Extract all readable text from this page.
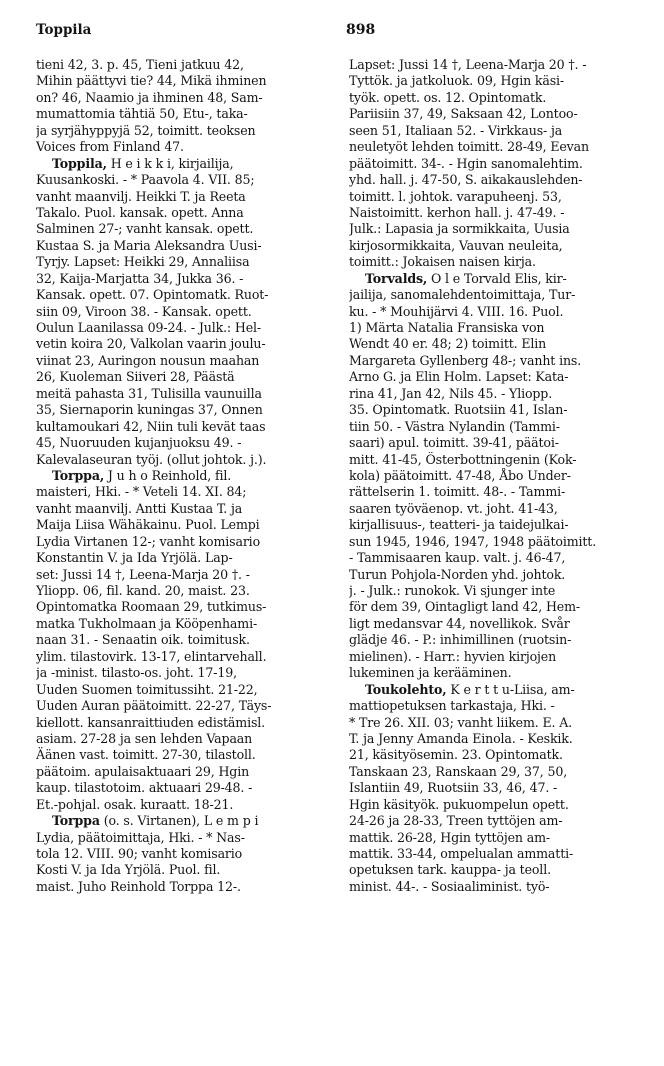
Toppila	898
tieni 42, 3. p. 45, Tieni jatkuu 42,
Mihin päättyvi tie? 44, Mikä ihminen
on? 46, Naamio ja ihminen 48, Sam-
mumattomia tähtiä 50, Etu-, taka-
ja syrjähyppyjä 52, toimitt. teoksen
Voices from Finland 47.
Toppila, H e i k k i, kirjailija,
Kuusankoski. - * Paavola 4. VII. 85;
vanht maanvilj. Heikki T. ja Reeta
Takalo. Puol. kansak. opett. Anna
Salminen 27-; vanht kansak. opett.
Kustaa S. ja Maria Aleksandra Uusi-
Tyrjy. Lapset: Heikki 29, Annaliisa
32, Kaija-Marjatta 34, Jukka 36. -
Kansak. opett. 07. Opintomatk. Ruot-
siin 09, Viroon 38. - Kansak. opett.
Oulun Laanilassa 09-24. - Julk.: Hel-
vetin koira 20, Valkolan vaarin joulu-
viinat 23, Auringon nousun maahan
26, Kuoleman Siiveri 28, Päästä
meitä pahasta 31, Tulisilla vaunuilla
35, Siernaporin kuningas 37, Onnen
kultamoukari 42, Niin tuli kevät taas
45, Nuoruuden kujanjuoksu 49. -
Kalevalaseuran työj. (ollut johtok. j.).
Torppa, J u h o Reinhold, fil.
maisteri, Hki. - * Veteli 14. XI. 84;
vanht maanvilj. Antti Kustaa T. ja
Maija Liisa Wähäkainu. Puol. Lempi
Lydia Virtanen 12-; vanht komisario
Konstantin V. ja Ida Yrjölä. Lap-
set: Jussi 14 †, Leena-Marja 20 †. -
Yliopp. 06, fil. kand. 20, maist. 23.
Opintomatka Roomaan 29, tutkimus-
matka Tukholmaan ja Kööpenhami-
naan 31. - Senaatin oik. toimitusk.
ylim. tilastovirk. 13-17, elintarvehall.
ja -minist. tilasto-os. joht. 17-19,
Uuden Suomen toimitussiht. 21-22,
Uuden Auran päätoimitt. 22-27, Täys-
kiellott. kansanraittiuden edistämisl.
asiam. 27-28 ja sen lehden Vapaan
Äänen vast. toimitt. 27-30, tilastoll.
päätoim. apulaisaktuaari 29, Hgin
kaup. tilastotoim. aktuaari 29-48. -
Et.-pohjal. osak. kuraatt. 18-21.
Torppa (o. s. Virtanen), L e m p i
Lydia, päätoimittaja, Hki. - * Nas-
tola 12. VIII. 90; vanht komisario
Kosti V. ja Ida Yrjölä. Puol. fil.
maist. Juho Reinhold Torppa 12-.
Lapset: Jussi 14 †, Leena-Marja 20 †. -
Tyttök. ja jatkoluok. 09, Hgin käsi-
työk. opett. os. 12. Opintomatk.
Pariisiin 37, 49, Saksaan 42, Lontoo-
seen 51, Italiaan 52. - Virkkaus- ja
neuletyöt lehden toimitt. 28-49, Eevan
päätoimitt. 34-. - Hgin sanomalehtim.
yhd. hall. j. 47-50, S. aikakauslehden-
toimitt. l. johtok. varapuheenj. 53,
Naistoimitt. kerhon hall. j. 47-49. -
Julk.: Lapasia ja sormikkaita, Uusia
kirjosormikkaita, Vauvan neuleita,
toimitt.: Jokaisen naisen kirja.
Torvalds, O l e Torvald Elis, kir-
jailija, sanomalehdentoimittaja, Tur-
ku. - * Mouhijärvi 4. VIII. 16. Puol.
1) Märta Natalia Fransiska von
Wendt 40 er. 48; 2) toimitt. Elin
Margareta Gyllenberg 48-; vanht ins.
Arno G. ja Elin Holm. Lapset: Kata-
rina 41, Jan 42, Nils 45. - Yliopp.
35. Opintomatk. Ruotsiin 41, Islan-
tiin 50. - Västra Nylandin (Tammi-
saari) apul. toimitt. 39-41, päätoi-
mitt. 41-45, Österbottningenin (Kok-
kola) päätoimitt. 47-48, Åbo Under-
rättelserin 1. toimitt. 48-. - Tammi-
saaren työväenop. vt. joht. 41-43,
kirjallisuus-, teatteri- ja taidejulkai-
sun 1945, 1946, 1947, 1948 päätoimitt.
- Tammisaaren kaup. valt. j. 46-47,
Turun Pohjola-Norden yhd. johtok.
j. - Julk.: runokok. Vi sjunger inte
för dem 39, Ointagligt land 42, Hem-
ligt medansvar 44, novellikok. Svår
glädje 46. - P.: inhimillinen (ruotsin-
mielinen). - Harr.: hyvien kirjojen
lukeminen ja kerääminen.
Toukolehto, K e r t t u-Liisa, am-
mattiopetuksen tarkastaja, Hki. -
* Tre 26. XII. 03; vanht liikem. E. A.
T. ja Jenny Amanda Einola. - Keskik.
21, käsityösemin. 23. Opintomatk.
Tanskaan 23, Ranskaan 29, 37, 50,
Islantiin 49, Ruotsiin 33, 46, 47. -
Hgin käsityök. pukuompelun opett.
24-26 ja 28-33, Treen tyttöjen am-
mattik. 26-28, Hgin tyttöjen am-
mattik. 33-44, ompelualan ammatti-
opetuksen tark. kauppa- ja teoll.
minist. 44-. - Sosiaaliminist. työ-
